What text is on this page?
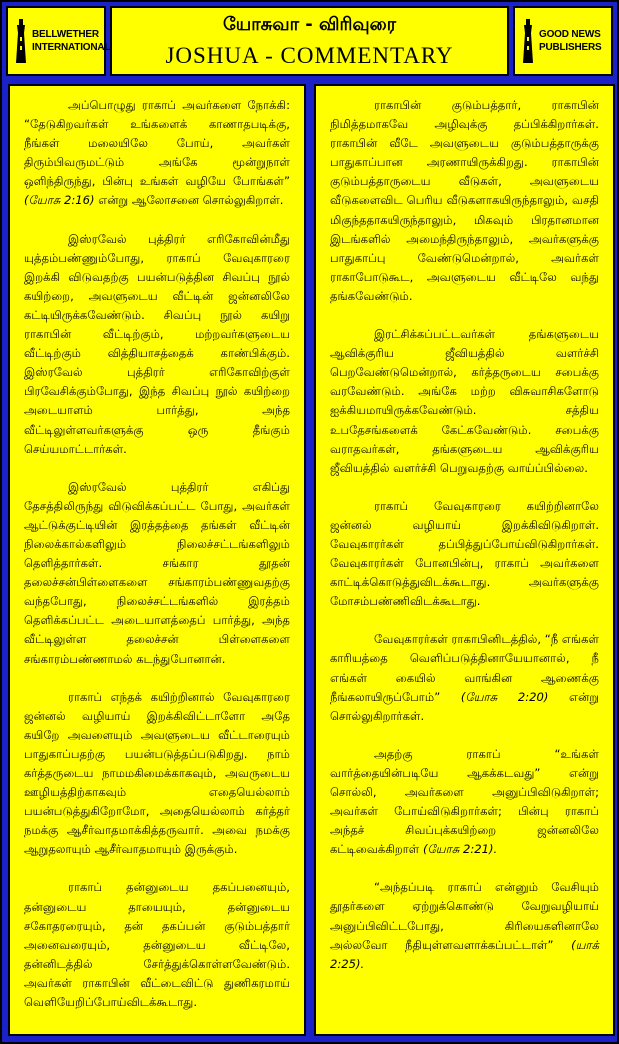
BELLWETHER
INTERNATIONAL
யோசுவா - விரிவுரை
JOSHUA - COMMENTARY
GOOD NEWS
PUBLISHERS

அப்பொழுது ராகாப் அவர்களை நோக்கி: “தேடுகிறவர்கள் உங்களைக் காணாதபடிக்கு, நீங்கள் மலையிலே போய், அவர்கள் திரும்பிவருமட்டும் அங்கே மூன்றுநாள் ஒளிந்திருந்து, பின்பு உங்கள் வழியே போங்கள்” (யோசு 2:16) என்று ஆலோசனை சொல்லுகிறாள்.

இஸ்ரவேல் புத்திரர் எரிகோவின்மீது யுத்தம்பண்ணும்போது, ராகாப் வேவுகாரரை இறக்கி விடுவதற்கு பயன்படுத்தின சிவப்பு நூல் கயிற்றை, அவளுடைய வீட்டின் ஜன்னலிலே கட்டியிருக்கவேண்டும். சிவப்பு நூல் கயிறு ராகாபின் வீட்டிற்கும், மற்றவர்களுடைய வீட்டிற்கும் வித்தியாசத்தைக் காண்பிக்கும். இஸ்ரவேல் புத்திரர் எரிகோவிற்குள் பிரவேசிக்கும்போது, இந்த சிவப்பு நூல் கயிற்றை அடையாளம் பார்த்து, அந்த வீட்டிலுள்ளவர்களுக்கு ஒரு தீங்கும் செய்யமாட்டார்கள்.

இஸ்ரவேல் புத்திரர் எகிப்து தேசத்திலிருந்து விடுவிக்கப்பட்ட போது, அவர்கள் ஆட்டுக்குட்டியின் இரத்தத்தை தங்கள் வீட்டின் நிலைக்கால்களிலும் நிலைச்சட்டங்களிலும் தெளித்தார்கள். சங்கார தூதன் தலைச்சன்பிள்ளைகளை சங்காரம்பண்ணுவதற்கு வந்தபோது, நிலைச்சட்டங்களில் இரத்தம் தெளிக்கப்பட்ட அடையாளத்தைப் பார்த்து, அந்த வீட்டிலுள்ள தலைச்சன் பிள்ளைகளை சங்காரம்பண்ணாமல் கடந்துபோனான்.

ராகாப் எந்தக் கயிற்றினால் வேவுகாரரை ஜன்னல் வழியாய் இறக்கிவிட்டாளோ அதே கயிறே அவளையும் அவளுடைய வீட்டாரையும் பாதுகாப்பதற்கு பயன்படுத்தப்படுகிறது. நாம் கர்த்தருடைய நாமமகிமைக்காகவும், அவருடைய ஊழியத்திற்காகவும் எதையெல்லாம் பயன்படுத்துகிறோமோ, அதையெல்லாம் கர்த்தர் நமக்கு ஆசீர்வாதமாக்கித்தருவார். அவை நமக்கு ஆறுதலாயும் ஆசீர்வாதமாயும் இருக்கும்.

ராகாப் தன்னுடைய தகப்பனையும், தன்னுடைய தாயையும், தன்னுடைய சகோதரரையும், தன் தகப்பன் குடும்பத்தார் அனைவரையும், தன்னுடைய வீட்டிலே, தன்னிடத்தில் சேர்த்துக்கொள்ளவேண்டும். அவர்கள் ராகாபின் வீட்டைவிட்டு துணிகரமாய் வெளியேறிப்போய்விடக்கூடாது.

ராகாபின் குடும்பத்தார், ராகாபின் நிமித்தமாகவே அழிவுக்கு தப்பிக்கிறார்கள். ராகாபின் வீடே அவளுடைய குடும்பத்தாருக்கு பாதுகாப்பான அரணாயிருக்கிறது. ராகாபின் குடும்பத்தாருடைய வீடுகள், அவளுடைய வீடுகளைவிட பெரிய வீடுகளாகயிருந்தாலும், வசதி மிகுந்ததாகயிருந்தாலும், மிகவும் பிரதானமான இடங்களில் அமைந்திருந்தாலும், அவர்களுக்கு பாதுகாப்பு வேண்டுமென்றால், அவர்கள் ராகாபோடுகூட, அவளுடைய வீட்டிலே வந்து தங்கவேண்டும்.

இரட்சிக்கப்பட்டவர்கள் தங்களுடைய ஆவிக்குரிய ஜீவியத்தில் வளர்ச்சி பெறவேண்டுமென்றால், கர்த்தருடைய சபைக்கு வரவேண்டும். அங்கே மற்ற விசுவாசிகளோடு ஐக்கியமாயிருக்கவேண்டும். சத்திய உபதேசங்களைக் கேட்கவேண்டும். சபைக்கு வராதவர்கள், தங்களுடைய ஆவிக்குரிய ஜீவியத்தில் வளர்ச்சி பெறுவதற்கு வாய்ப்பில்லை.

ராகாப் வேவுகாரரை கயிற்றினாலே ஜன்னல் வழியாய் இறக்கிவிடுகிறாள். வேவுகாரர்கள் தப்பித்துப்போய்விடுகிறார்கள். வேவுகாரர்கள் போனபின்பு, ராகாப் அவர்களை காட்டிக்கொடுத்துவிடக்கூடாது. அவர்களுக்கு மோசம்பண்ணிவிடக்கூடாது.

வேவுகாரர்கள் ராகாபினிடத்தில், “நீ எங்கள் காரியத்தை வெளிப்படுத்தினாயேயானால், நீ எங்கள் கையில் வாங்கின ஆணைக்கு நீங்கலாயிருப்போம்” (யோசு 2:20) என்று சொல்லுகிறார்கள்.

அதற்கு ராகாப் “உங்கள் வார்த்தையின்படியே ஆகக்கடவது” என்று சொல்லி, அவர்களை அனுப்பிவிடுகிறாள்; அவர்கள் போய்விடுகிறார்கள்; பின்பு ராகாப் அந்தச் சிவப்புக்கயிற்றை ஜன்னலிலே கட்டிவைக்கிறாள் (யோசு 2:21).

“அந்தப்படி ராகாப் என்னும் வேசியும் தூதர்களை ஏற்றுக்கொண்டு வேறுவழியாய் அனுப்பிவிட்டபோது, கிரியைகளினாலே அல்லவோ நீதியுள்ளவளாக்கப்பட்டாள்” (யாக் 2:25).
